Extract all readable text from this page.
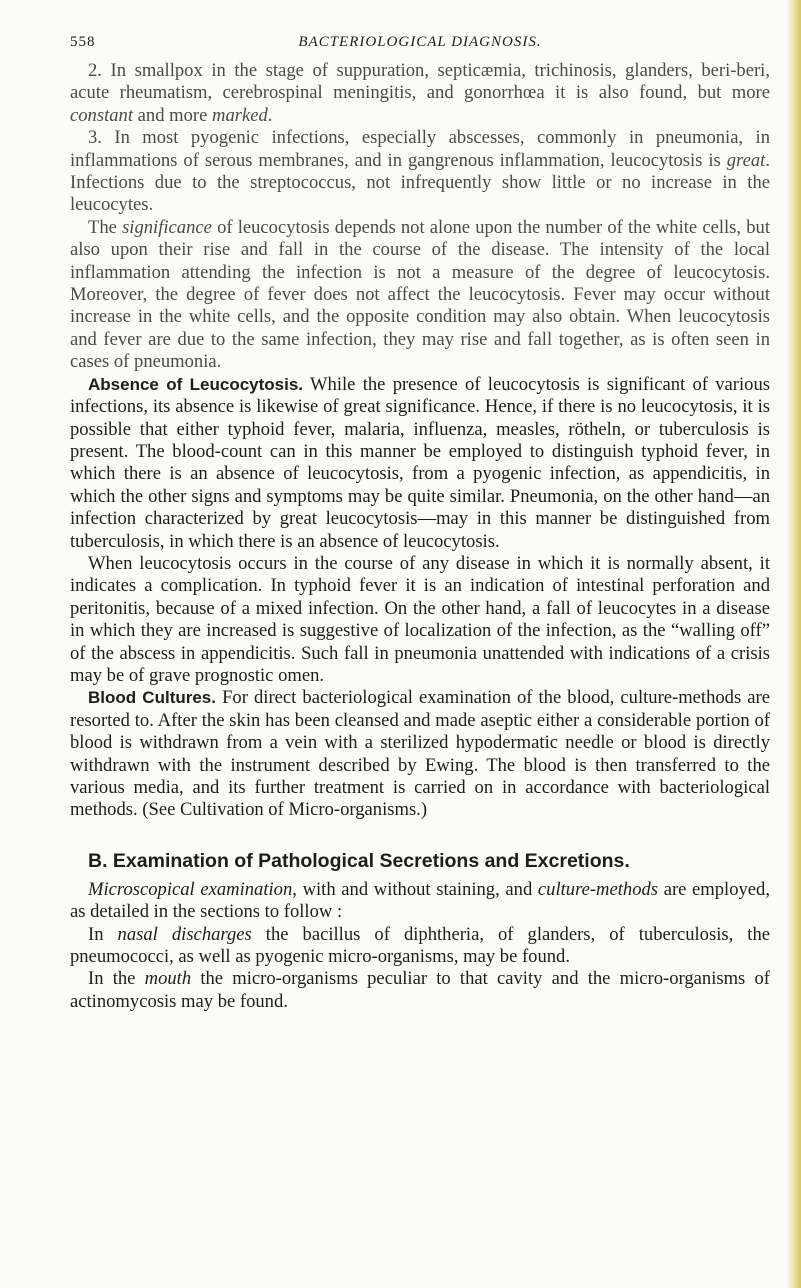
558	BACTERIOLOGICAL DIAGNOSIS.

2. In smallpox in the stage of suppuration, septicæmia, trichinosis, glanders, beri-beri, acute rheumatism, cerebrospinal meningitis, and gonorrhœa it is also found, but more constant and more marked.

3. In most pyogenic infections, especially abscesses, commonly in pneumonia, in inflammations of serous membranes, and in gangrenous inflammation, leucocytosis is great. Infections due to the streptococcus, not infrequently show little or no increase in the leucocytes.

The significance of leucocytosis depends not alone upon the number of the white cells, but also upon their rise and fall in the course of the disease. The intensity of the local inflammation attending the infection is not a measure of the degree of leucocytosis. Moreover, the degree of fever does not affect the leucocytosis. Fever may occur without increase in the white cells, and the opposite condition may also obtain. When leucocytosis and fever are due to the same infection, they may rise and fall together, as is often seen in cases of pneumonia.

Absence of Leucocytosis. While the presence of leucocytosis is significant of various infections, its absence is likewise of great significance. Hence, if there is no leucocytosis, it is possible that either typhoid fever, malaria, influenza, measles, rötheln, or tuberculosis is present. The blood-count can in this manner be employed to distinguish typhoid fever, in which there is an absence of leucocytosis, from a pyogenic infection, as appendicitis, in which the other signs and symptoms may be quite similar. Pneumonia, on the other hand—an infection characterized by great leucocytosis—may in this manner be distinguished from tuberculosis, in which there is an absence of leucocytosis.

When leucocytosis occurs in the course of any disease in which it is normally absent, it indicates a complication. In typhoid fever it is an indication of intestinal perforation and peritonitis, because of a mixed infection. On the other hand, a fall of leucocytes in a disease in which they are increased is suggestive of localization of the infection, as the “walling off” of the abscess in appendicitis. Such fall in pneumonia unattended with indications of a crisis may be of grave prognostic omen.

Blood Cultures. For direct bacteriological examination of the blood, culture-methods are resorted to. After the skin has been cleansed and made aseptic either a considerable portion of blood is withdrawn from a vein with a sterilized hypodermatic needle or blood is directly withdrawn with the instrument described by Ewing. The blood is then transferred to the various media, and its further treatment is carried on in accordance with bacteriological methods. (See Cultivation of Micro-organisms.)

B. Examination of Pathological Secretions and Excretions.

Microscopical examination, with and without staining, and culture-methods are employed, as detailed in the sections to follow :

In nasal discharges the bacillus of diphtheria, of glanders, of tuberculosis, the pneumococci, as well as pyogenic micro-organisms, may be found.

In the mouth the micro-organisms peculiar to that cavity and the micro-organisms of actinomycosis may be found.
